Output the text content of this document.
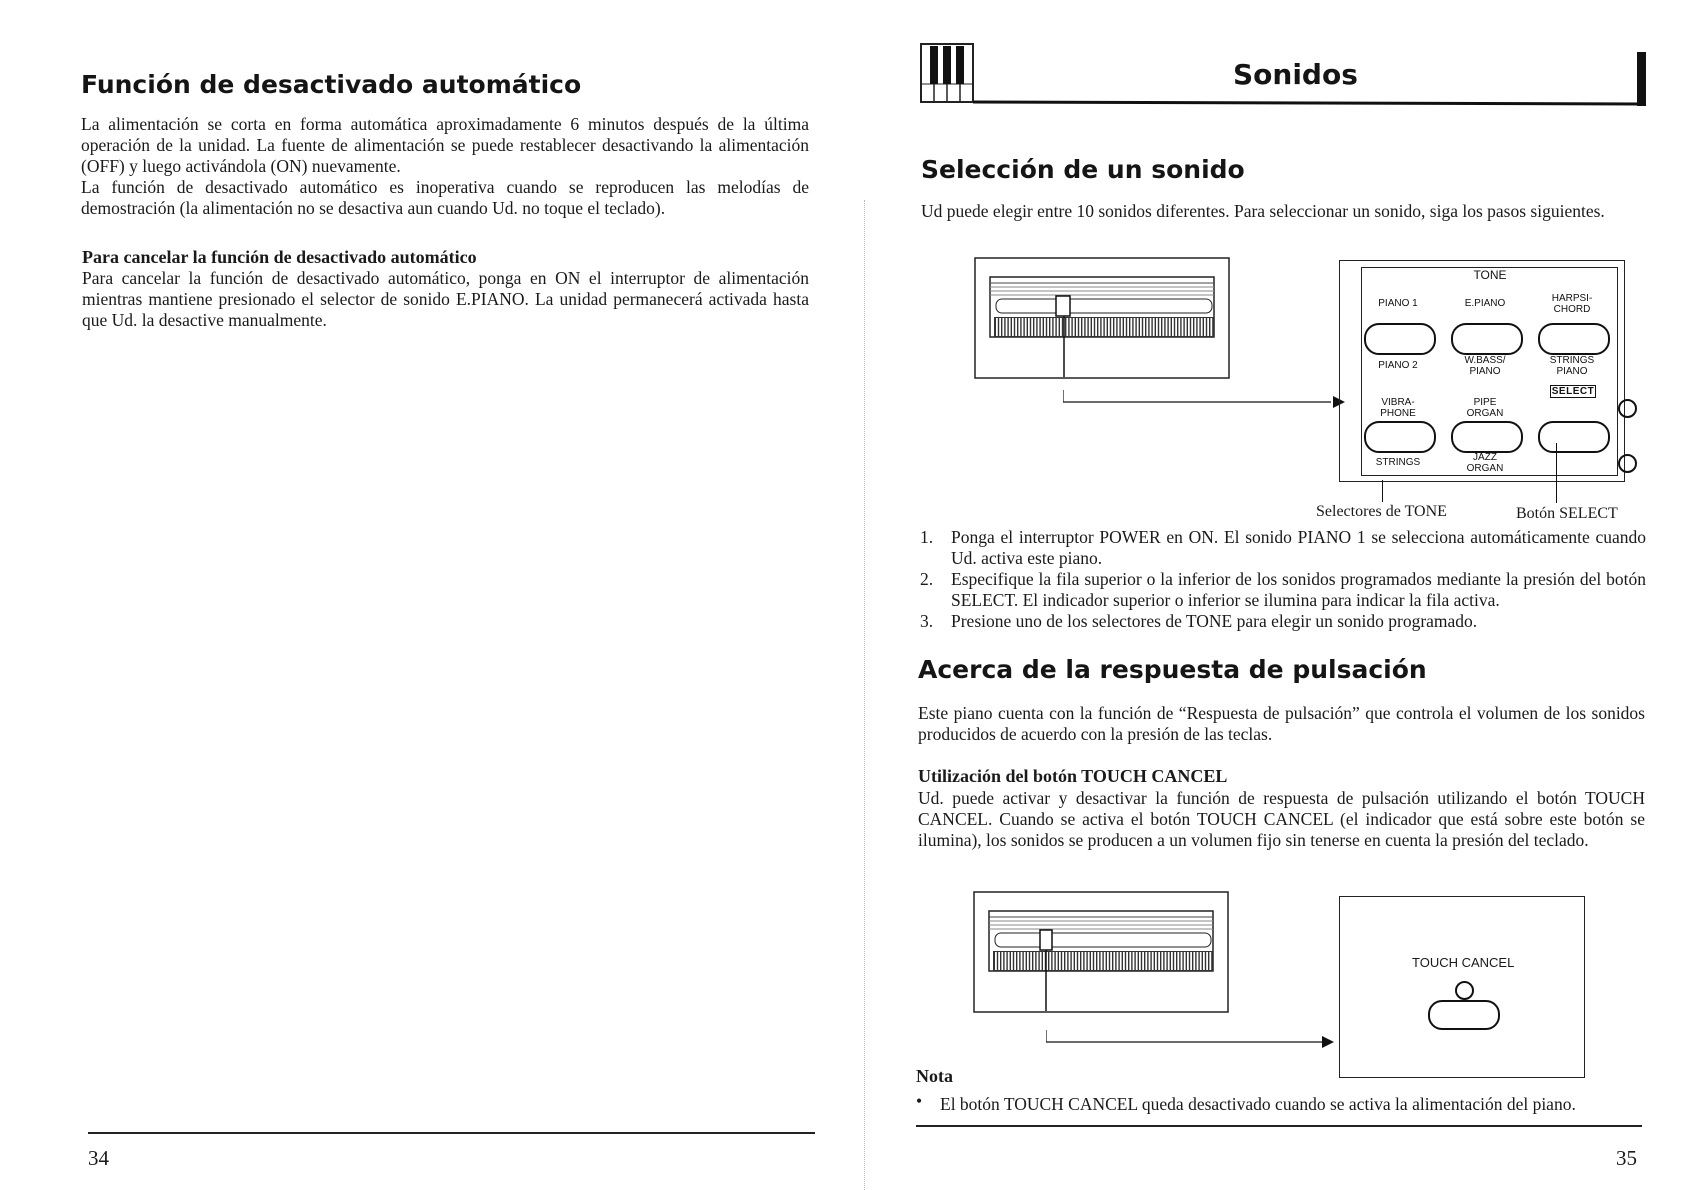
Función de desactivado automático

La alimentación se corta en forma automática aproximadamente 6 minutos después de la última operación de la unidad. La fuente de alimentación se puede restablecer desactivando la alimentación (OFF) y luego activándola (ON) nuevamente.

La función de desactivado automático es inoperativa cuando se reproducen las melodías de demostración (la alimentación no se desactiva aun cuando Ud. no toque el teclado).

Para cancelar la función de desactivado automático
Para cancelar la función de desactivado automático, ponga en ON el interruptor de alimentación mientras mantiene presionado el selector de sonido E.PIANO. La unidad permanecerá activada hasta que Ud. la desactive manualmente.
34
Sonidos
Selección de un sonido
Ud puede elegir entre 10 sonidos diferentes. Para seleccionar un sonido, siga los pasos siguientes.
TONE
PIANO 1	E.PIANO	HARPSI-
CHORD
PIANO 2	W.BASS/
PIANO
STRINGS
PIANO
SELECT
VIBRA-
PHONE
PIPE
ORGAN
STRINGS	JAZZ
ORGAN
Selectores de TONE	Botón SELECT
1. Ponga el interruptor POWER en ON. El sonido PIANO 1 se selecciona automáticamente cuando Ud. activa este piano.
2. Especifique la fila superior o la inferior de los sonidos programados mediante la presión del botón SELECT. El indicador superior o inferior se ilumina para indicar la fila activa.
3. Presione uno de los selectores de TONE para elegir un sonido programado.
Acerca de la respuesta de pulsación
Este piano cuenta con la función de “Respuesta de pulsación” que controla el volumen de los sonidos producidos de acuerdo con la presión de las teclas.
Utilización del botón TOUCH CANCEL
Ud. puede activar y desactivar la función de respuesta de pulsación utilizando el botón TOUCH CANCEL. Cuando se activa el botón TOUCH CANCEL (el indicador que está sobre este botón se ilumina), los sonidos se producen a un volumen fijo sin tenerse en cuenta la presión del teclado.
TOUCH CANCEL
Nota
• El botón TOUCH CANCEL queda desactivado cuando se activa la alimentación del piano.
35
